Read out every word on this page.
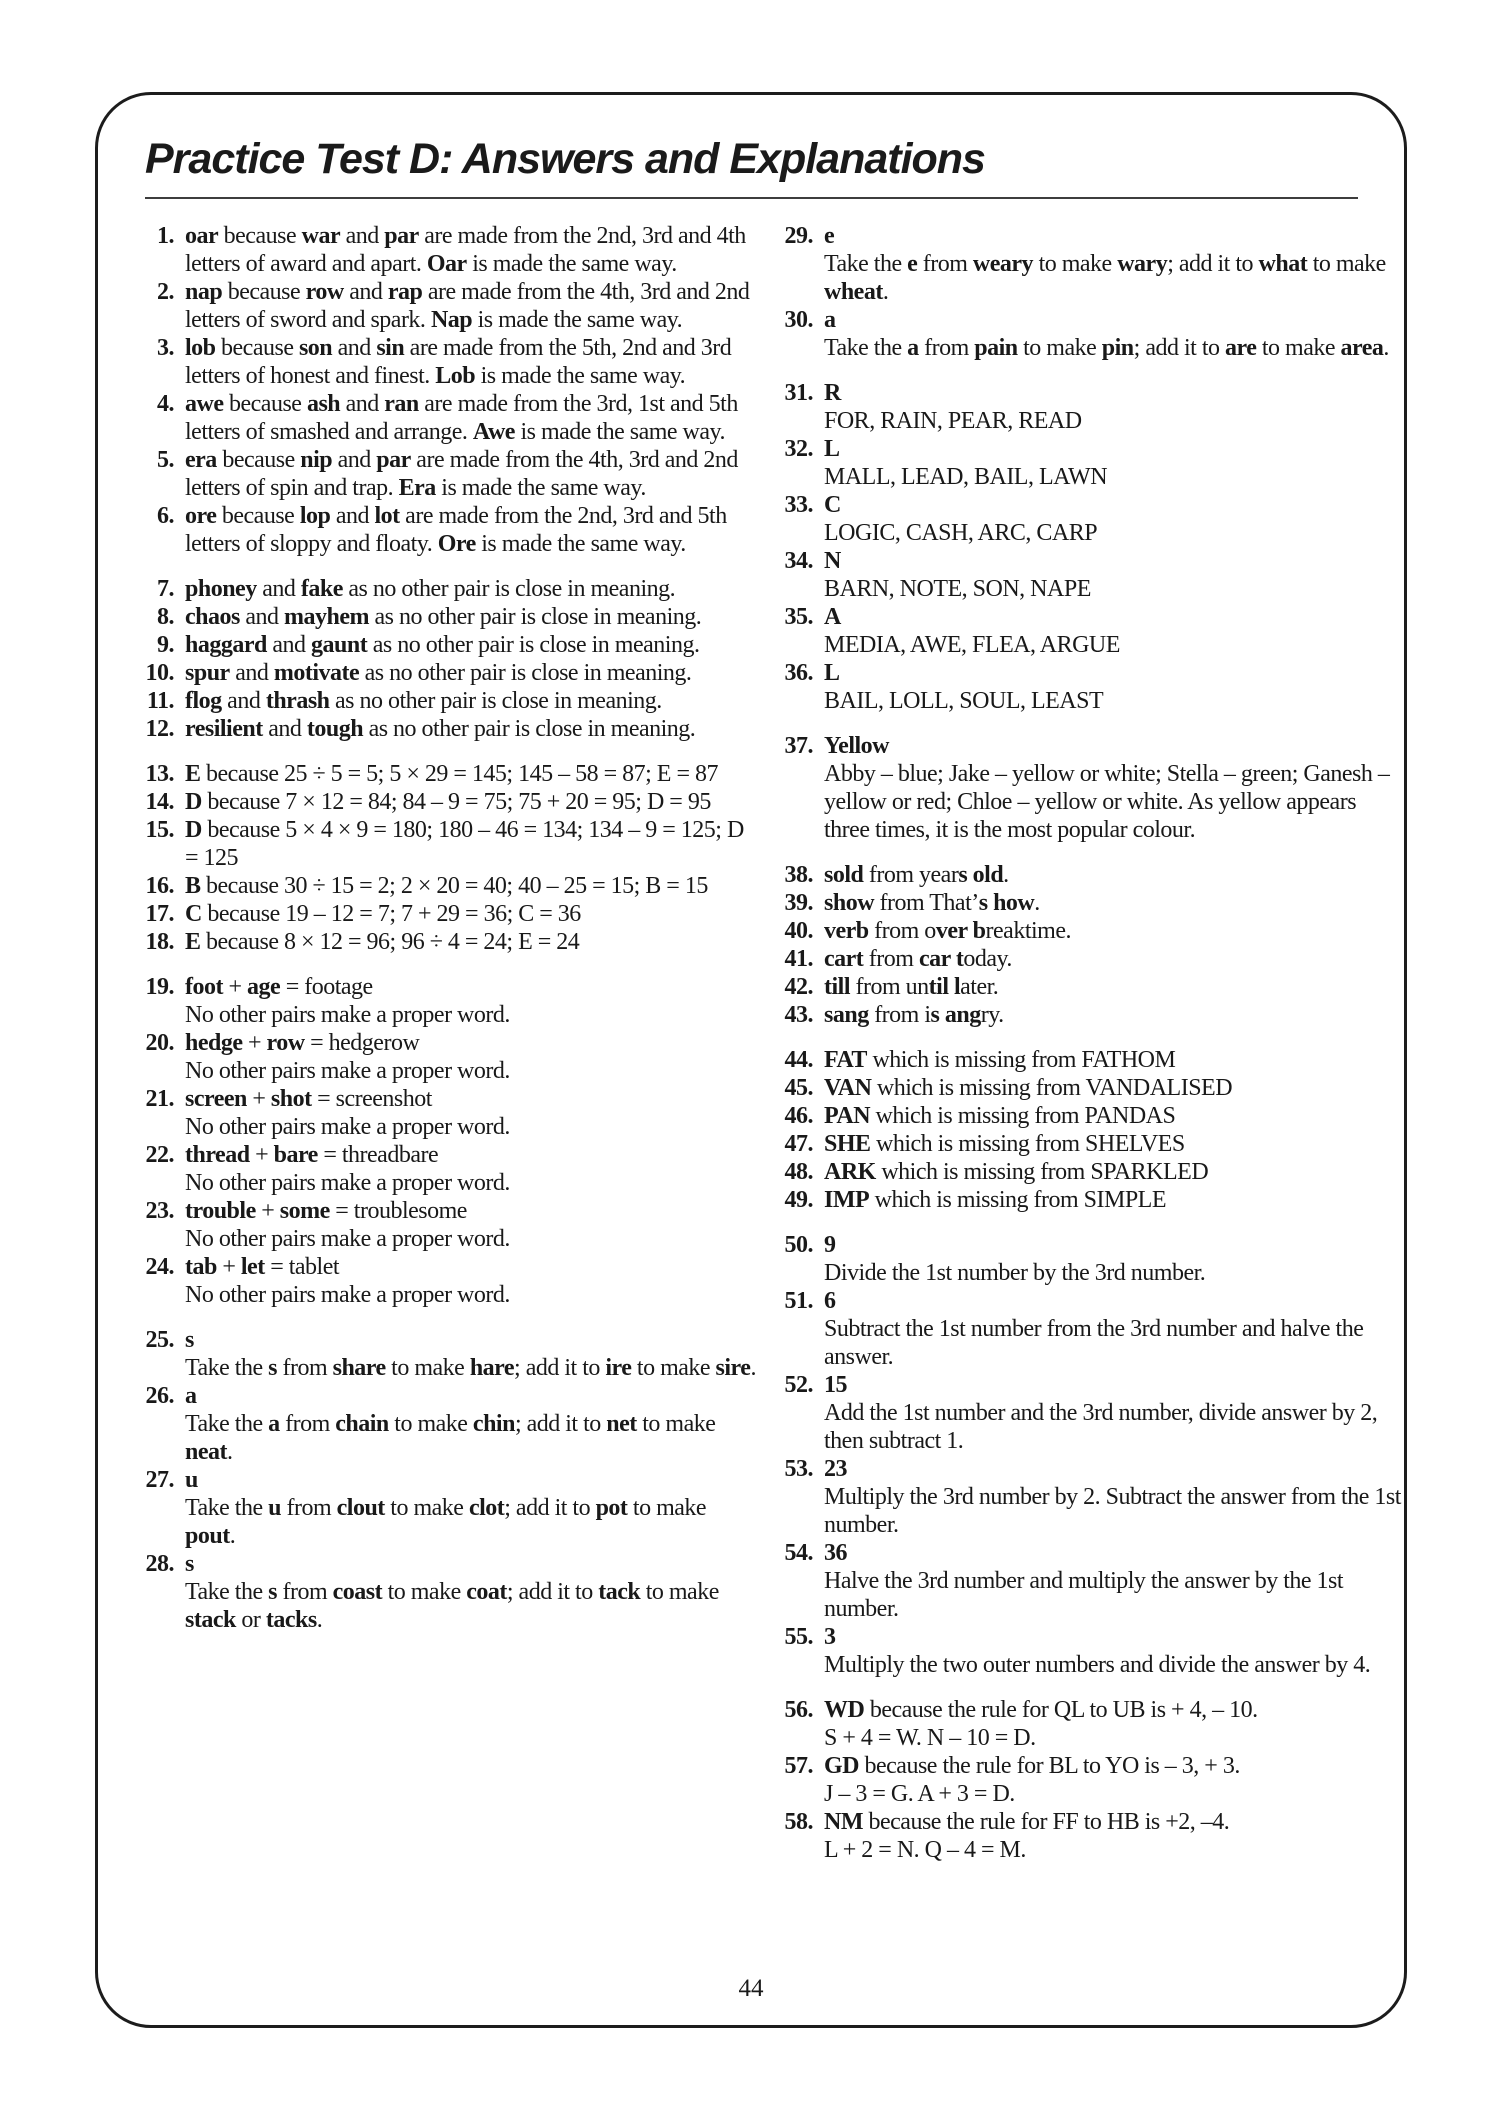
Practice Test D: Answers and Explanations
1. oar because war and par are made from the 2nd, 3rd and 4th letters of award and apart. Oar is made the same way.
2. nap because row and rap are made from the 4th, 3rd and 2nd letters of sword and spark. Nap is made the same way.
3. lob because son and sin are made from the 5th, 2nd and 3rd letters of honest and finest. Lob is made the same way.
4. awe because ash and ran are made from the 3rd, 1st and 5th letters of smashed and arrange. Awe is made the same way.
5. era because nip and par are made from the 4th, 3rd and 2nd letters of spin and trap. Era is made the same way.
6. ore because lop and lot are made from the 2nd, 3rd and 5th letters of sloppy and floaty. Ore is made the same way.
7. phoney and fake as no other pair is close in meaning.
8. chaos and mayhem as no other pair is close in meaning.
9. haggard and gaunt as no other pair is close in meaning.
10. spur and motivate as no other pair is close in meaning.
11. flog and thrash as no other pair is close in meaning.
12. resilient and tough as no other pair is close in meaning.
13. E because 25 ÷ 5 = 5; 5 × 29 = 145; 145 – 58 = 87; E = 87
14. D because 7 × 12 = 84; 84 – 9 = 75; 75 + 20 = 95; D = 95
15. D because 5 × 4 × 9 = 180; 180 – 46 = 134; 134 – 9 = 125; D = 125
16. B because 30 ÷ 15 = 2; 2 × 20 = 40; 40 – 25 = 15; B = 15
17. C because 19 – 12 = 7; 7 + 29 = 36; C = 36
18. E because 8 × 12 = 96; 96 ÷ 4 = 24; E = 24
19. foot + age = footage
No other pairs make a proper word.
20. hedge + row = hedgerow
No other pairs make a proper word.
21. screen + shot = screenshot
No other pairs make a proper word.
22. thread + bare = threadbare
No other pairs make a proper word.
23. trouble + some = troublesome
No other pairs make a proper word.
24. tab + let = tablet
No other pairs make a proper word.
25. s
Take the s from share to make hare; add it to ire to make sire.
26. a
Take the a from chain to make chin; add it to net to make neat.
27. u
Take the u from clout to make clot; add it to pot to make pout.
28. s
Take the s from coast to make coat; add it to tack to make stack or tacks.
29. e
Take the e from weary to make wary; add it to what to make wheat.
30. a
Take the a from pain to make pin; add it to are to make area.
31. R
FOR, RAIN, PEAR, READ
32. L
MALL, LEAD, BAIL, LAWN
33. C
LOGIC, CASH, ARC, CARP
34. N
BARN, NOTE, SON, NAPE
35. A
MEDIA, AWE, FLEA, ARGUE
36. L
BAIL, LOLL, SOUL, LEAST
37. Yellow
Abby – blue; Jake – yellow or white; Stella – green; Ganesh – yellow or red; Chloe – yellow or white. As yellow appears three times, it is the most popular colour.
38. sold from years old.
39. show from That’s how.
40. verb from over breaktime.
41. cart from car today.
42. till from until later.
43. sang from is angry.
44. FAT which is missing from FATHOM
45. VAN which is missing from VANDALISED
46. PAN which is missing from PANDAS
47. SHE which is missing from SHELVES
48. ARK which is missing from SPARKLED
49. IMP which is missing from SIMPLE
50. 9
Divide the 1st number by the 3rd number.
51. 6
Subtract the 1st number from the 3rd number and halve the answer.
52. 15
Add the 1st number and the 3rd number, divide answer by 2, then subtract 1.
53. 23
Multiply the 3rd number by 2. Subtract the answer from the 1st number.
54. 36
Halve the 3rd number and multiply the answer by the 1st number.
55. 3
Multiply the two outer numbers and divide the answer by 4.
56. WD because the rule for QL to UB is + 4, – 10.
S + 4 = W. N – 10 = D.
57. GD because the rule for BL to YO is – 3, + 3.
J – 3 = G. A + 3 = D.
58. NM because the rule for FF to HB is +2, –4.
L + 2 = N. Q – 4 = M.
44
